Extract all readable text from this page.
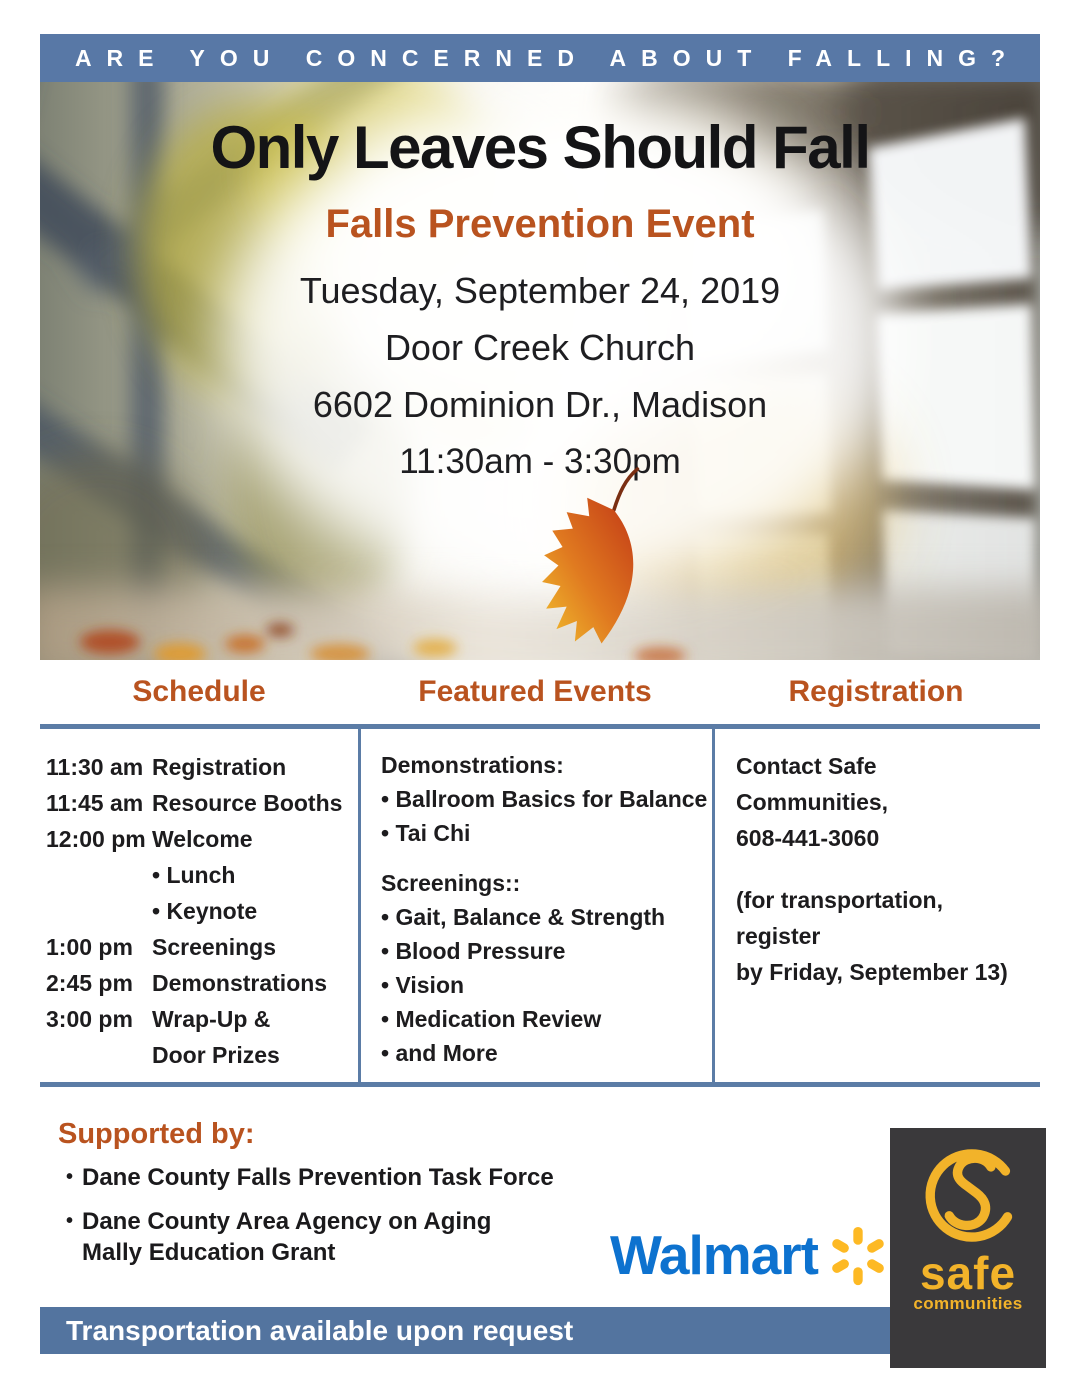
ARE YOU CONCERNED ABOUT FALLING?
Only Leaves Should Fall
Falls Prevention Event

Tuesday, September 24, 2019

Door Creek Church

6602 Dominion Dr., Madison

11:30am - 3:30pm

Schedule	Featured Events	Registration
11:30 am Registration
11:45 am Resource Booths
12:00 pm Welcome
• Lunch
• Keynote
1:00 pm Screenings
2:45 pm Demonstrations
3:00 pm Wrap-Up &
Door Prizes

Demonstrations:

• Ballroom Basics for Balance

• Tai Chi

Screenings::

• Gait, Balance & Strength

• Blood Pressure

• Vision

• Medication Review

• and More

Contact Safe Communities,

608-441-3060

(for transportation, register

by Friday, September 13)

Supported by:
• Dane County Falls Prevention Task Force
• Dane County Area Agency on Aging
Mally Education Grant	Walmart safe
communities
Transportation available upon request
